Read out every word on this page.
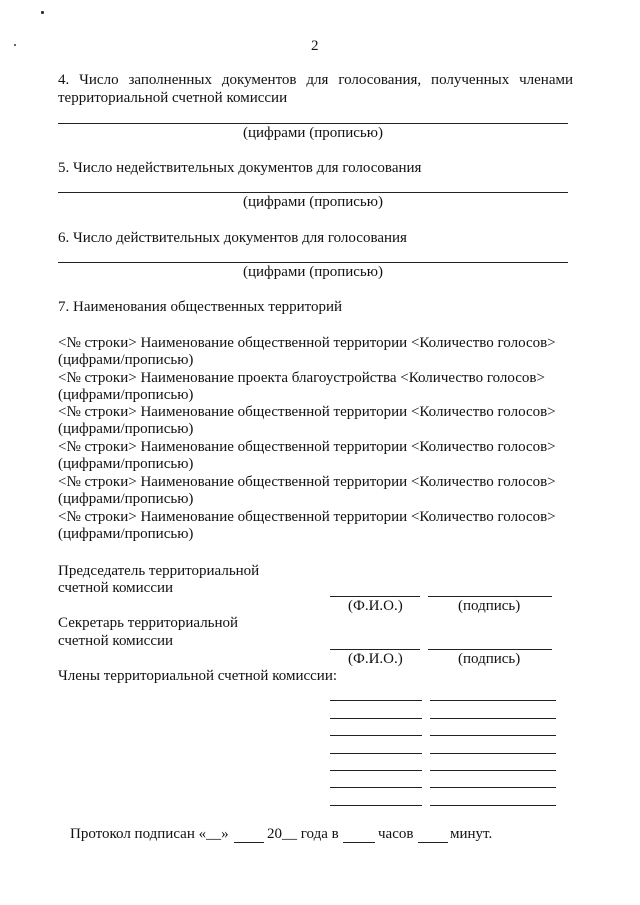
2
4. Число заполненных документов для голосования, полученных членами
территориальной счетной комиссии
(цифрами (прописью)
5. Число недействительных документов для голосования
(цифрами (прописью)
6. Число действительных документов для голосования
(цифрами (прописью)
7. Наименования общественных территорий
<№ строки> Наименование общественной территории <Количество голосов>
(цифрами/прописью)
<№ строки> Наименование проекта благоустройства <Количество голосов>
(цифрами/прописью)
<№ строки> Наименование общественной территории <Количество голосов>
(цифрами/прописью)
<№ строки> Наименование общественной территории <Количество голосов>
(цифрами/прописью)
<№ строки> Наименование общественной территории <Количество голосов>
(цифрами/прописью)
<№ строки> Наименование общественной территории <Количество голосов>
(цифрами/прописью)
Председатель территориальной
счетной комиссии
(Ф.И.О.)	(подпись)
Секретарь территориальной
счетной комиссии
(Ф.И.О.)	(подпись)
Члены территориальной счетной комиссии:
Протокол подписан «__»	20__ года в	часов минут.
